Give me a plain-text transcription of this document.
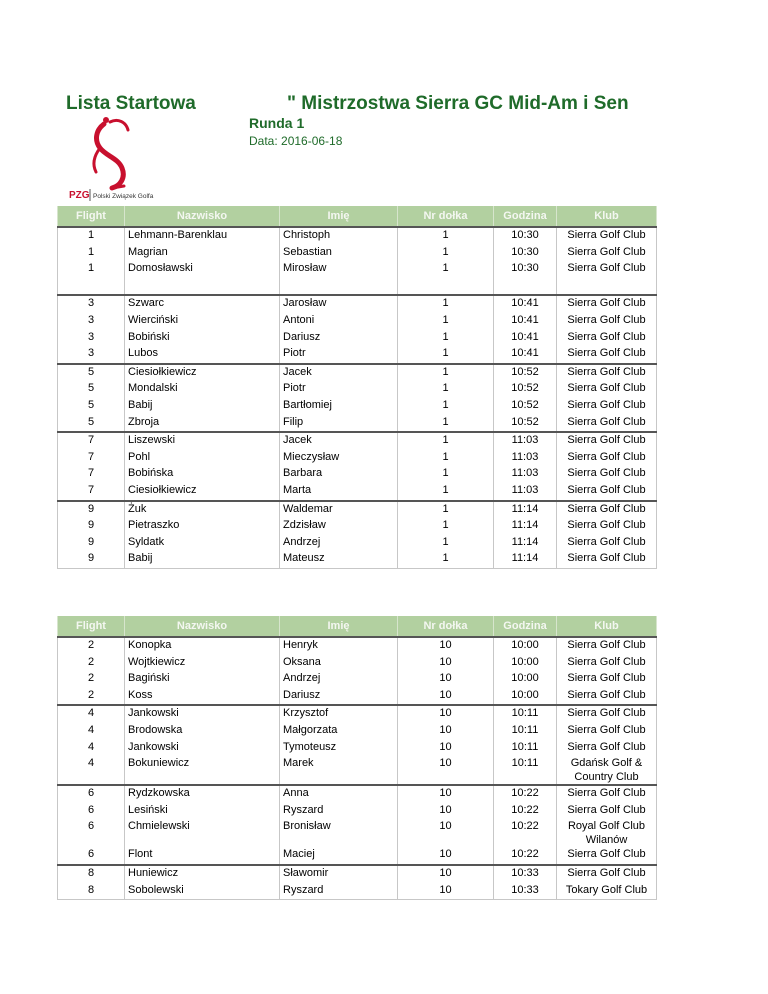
Lista Startowa	" Mistrzostwa Sierra GC Mid-Am i Sen
Runda 1
Data: 2016-06-18
PZG Polski Związek Golfa
Flight	Nazwisko	Imię	Nr dołka	Godzina	Klub
1	Lehmann-Barenklau	Christoph	1	10:30	Sierra Golf Club
1	Magrian	Sebastian	1	10:30	Sierra Golf Club
1	Domosławski	Mirosław	1	10:30	Sierra Golf Club

3	Szwarc	Jarosław	1	10:41	Sierra Golf Club
3	Wierciński	Antoni	1	10:41	Sierra Golf Club
3	Bobiński	Dariusz	1	10:41	Sierra Golf Club
3	Lubos	Piotr	1	10:41	Sierra Golf Club
5	Ciesiołkiewicz	Jacek	1	10:52	Sierra Golf Club
5	Mondalski	Piotr	1	10:52	Sierra Golf Club
5	Babij	Bartłomiej	1	10:52	Sierra Golf Club
5	Zbroja	Filip	1	10:52	Sierra Golf Club
7	Liszewski	Jacek	1	11:03	Sierra Golf Club
7	Pohl	Mieczysław	1	11:03	Sierra Golf Club
7	Bobińska	Barbara	1	11:03	Sierra Golf Club
7	Ciesiołkiewicz	Marta	1	11:03	Sierra Golf Club
9	Żuk	Waldemar	1	11:14	Sierra Golf Club
9	Pietraszko	Zdzisław	1	11:14	Sierra Golf Club
9	Syldatk	Andrzej	1	11:14	Sierra Golf Club
9	Babij	Mateusz	1	11:14	Sierra Golf Club
Flight	Nazwisko	Imię	Nr dołka	Godzina	Klub
2	Konopka	Henryk	10	10:00	Sierra Golf Club
2	Wojtkiewicz	Oksana	10	10:00	Sierra Golf Club
2	Bagiński	Andrzej	10	10:00	Sierra Golf Club
2	Koss	Dariusz	10	10:00	Sierra Golf Club
4	Jankowski	Krzysztof	10	10:11	Sierra Golf Club
4	Brodowska	Małgorzata	10	10:11	Sierra Golf Club
4	Jankowski	Tymoteusz	10	10:11	Sierra Golf Club
4	Bokuniewicz	Marek	10	10:11	Gdańsk Golf & Country Club
6	Rydzkowska	Anna	10	10:22	Sierra Golf Club
6	Lesiński	Ryszard	10	10:22	Sierra Golf Club
6	Chmielewski	Bronisław	10	10:22	Royal Golf Club Wilanów
6	Flont	Maciej	10	10:22	Sierra Golf Club
8	Huniewicz	Sławomir	10	10:33	Sierra Golf Club
8	Sobolewski	Ryszard	10	10:33	Tokary Golf Club
